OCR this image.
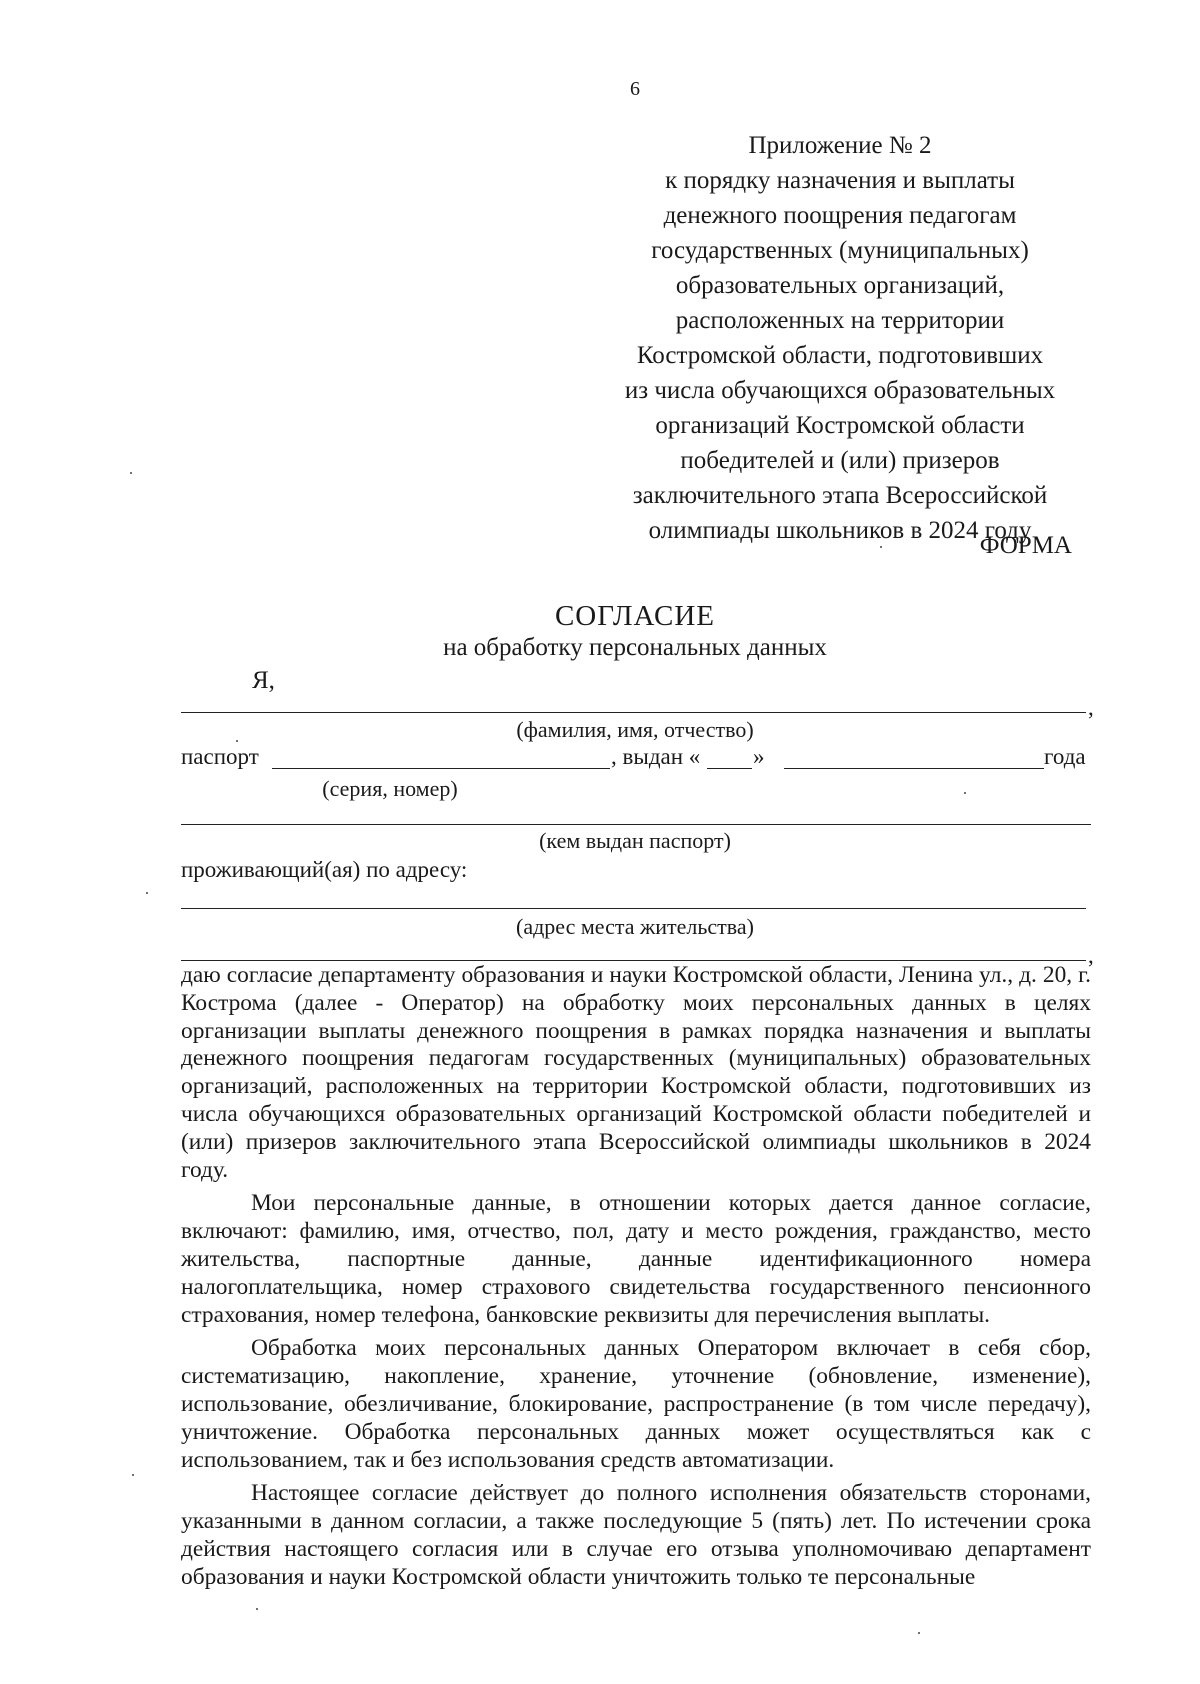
6
Приложение № 2
к порядку назначения и выплаты
денежного поощрения педагогам
государственных (муниципальных)
образовательных организаций,
расположенных на территории
Костромской области, подготовивших
из числа обучающихся образовательных
организаций Костромской области
победителей и (или) призеров
заключительного этапа Всероссийской
олимпиады школьников в 2024 году
ФОРМА
СОГЛАСИЕ
на обработку персональных данных
Я,
,
(фамилия, имя, отчество)
паспорт	, выдан « »	года
(серия, номер)
(кем выдан паспорт)
проживающий(ая) по адресу:
(адрес места жительства)
,

даю согласие департаменту образования и науки Костромской области, Ленина ул., д. 20, г. Кострома (далее - Оператор) на обработку моих персональных данных в целях организации выплаты денежного поощрения в рамках порядка назначения и выплаты денежного поощрения педагогам государственных (муниципальных) образовательных организаций, расположенных на территории Костромской области, подготовивших из числа обучающихся образовательных организаций Костромской области победителей и (или) призеров заключительного этапа Всероссийской олимпиады школьников в 2024 году.

Мои персональные данные, в отношении которых дается данное согласие, включают: фамилию, имя, отчество, пол, дату и место рождения, гражданство, место жительства, паспортные данные, данные идентификационного номера налогоплательщика, номер страхового свидетельства государственного пенсионного страхования, номер телефона, банковские реквизиты для перечисления выплаты.

Обработка моих персональных данных Оператором включает в себя сбор, систематизацию, накопление, хранение, уточнение (обновление, изменение), использование, обезличивание, блокирование, распространение (в том числе передачу), уничтожение. Обработка персональных данных может осуществляться как с использованием, так и без использования средств автоматизации.

Настоящее согласие действует до полного исполнения обязательств сторонами, указанными в данном согласии, а также последующие 5 (пять) лет. По истечении срока действия настоящего согласия или в случае его отзыва уполномочиваю департамент образования и науки Костромской области уничтожить только те персональные
